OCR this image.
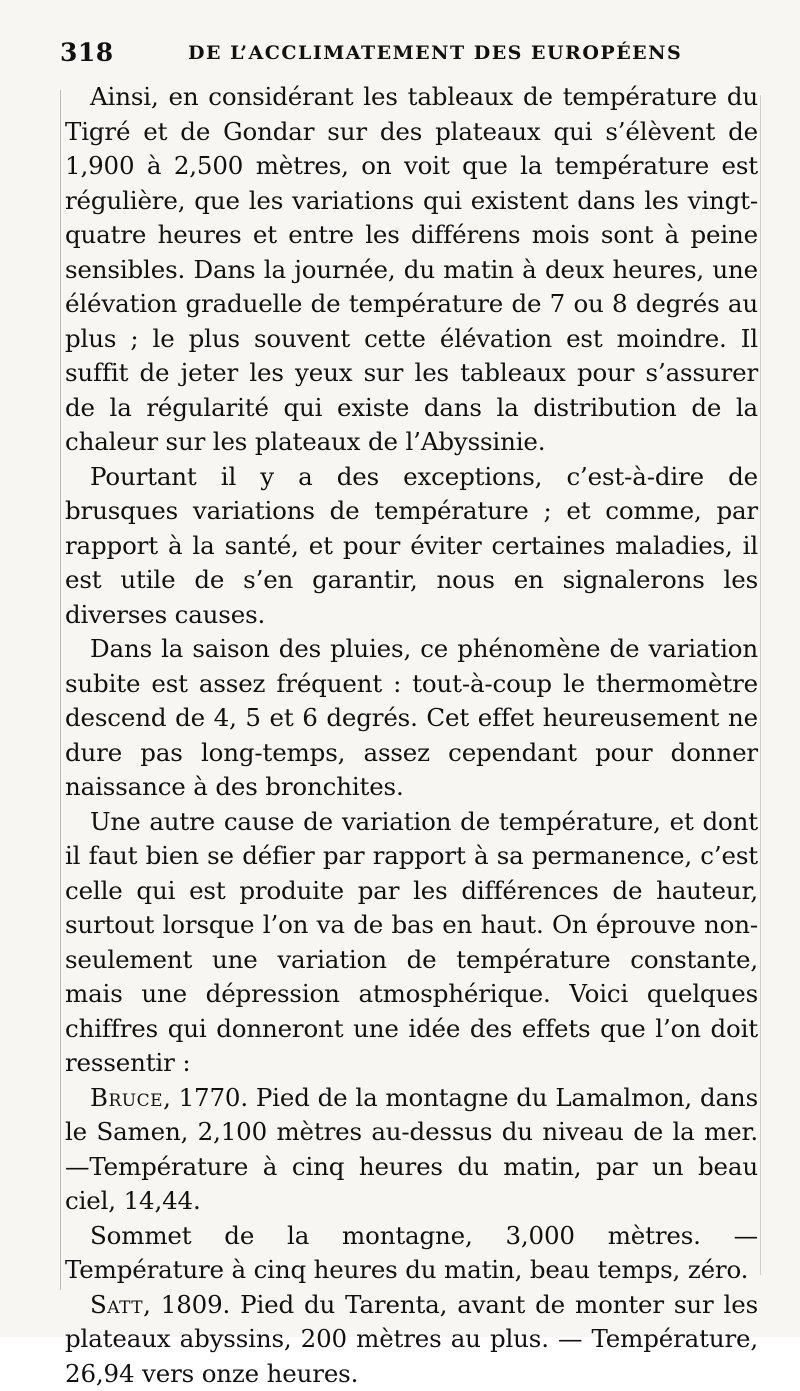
318	DE L’ACCLIMATEMENT DES EUROPÉENS

Ainsi, en considérant les tableaux de température du Tigré et de Gondar sur des plateaux qui s’élèvent de 1,900 à 2,500 mètres, on voit que la température est régulière, que les variations qui existent dans les vingt-quatre heures et entre les différens mois sont à peine sensibles. Dans la journée, du matin à deux heures, une élévation graduelle de température de 7 ou 8 degrés au plus ; le plus souvent cette élévation est moindre. Il suffit de jeter les yeux sur les tableaux pour s’assurer de la régularité qui existe dans la distribution de la chaleur sur les plateaux de l’Abyssinie.

Pourtant il y a des exceptions, c’est-à-dire de brusques variations de température ; et comme, par rapport à la santé, et pour éviter certaines maladies, il est utile de s’en garantir, nous en signalerons les diverses causes.

Dans la saison des pluies, ce phénomène de variation subite est assez fréquent : tout-à-coup le thermomètre descend de 4, 5 et 6 degrés. Cet effet heureusement ne dure pas long-temps, assez cependant pour donner naissance à des bronchites.

Une autre cause de variation de température, et dont il faut bien se défier par rapport à sa permanence, c’est celle qui est produite par les différences de hauteur, surtout lorsque l’on va de bas en haut. On éprouve non-seulement une variation de température constante, mais une dépression atmosphérique. Voici quelques chiffres qui donneront une idée des effets que l’on doit ressentir :

Bruce, 1770. Pied de la montagne du Lamalmon, dans le Samen, 2,100 mètres au-dessus du niveau de la mer.—Température à cinq heures du matin, par un beau ciel, 14,44.

Sommet de la montagne, 3,000 mètres. — Température à cinq heures du matin, beau temps, zéro.

Satt, 1809. Pied du Tarenta, avant de monter sur les plateaux abyssins, 200 mètres au plus. — Température, 26,94 vers onze heures.
